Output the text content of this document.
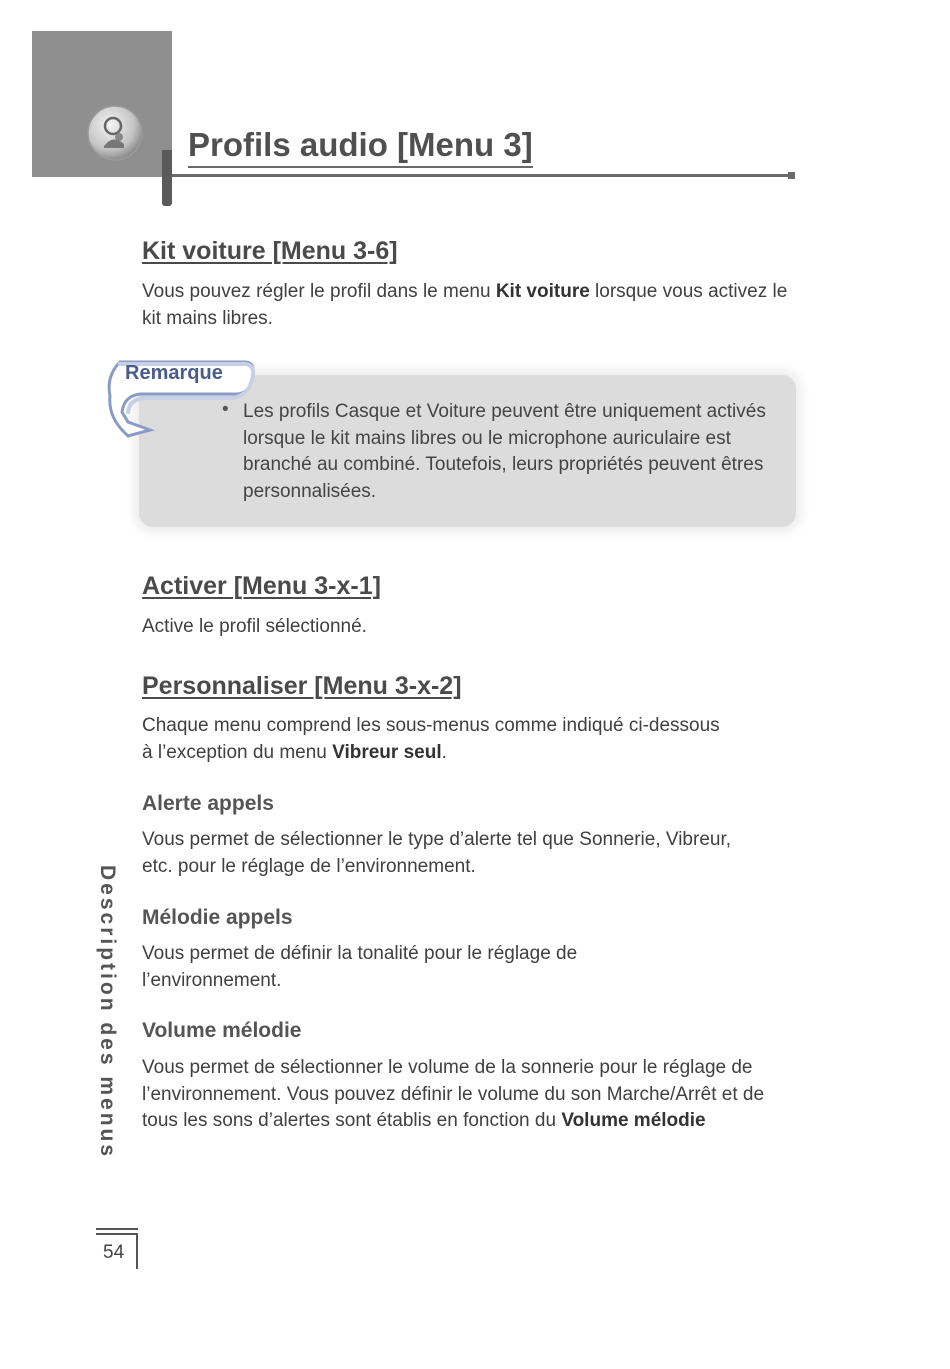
Profils audio [Menu 3]
Kit voiture [Menu 3-6]
Vous pouvez régler le profil dans le menu Kit voiture lorsque vous activez le kit mains libres.
Remarque
• Les profils Casque et Voiture peuvent être uniquement activés lorsque le kit mains libres ou le microphone auriculaire est branché au combiné. Toutefois, leurs propriétés peuvent êtres personnalisées.
Activer [Menu 3-x-1]
Active le profil sélectionné.
Personnaliser [Menu 3-x-2]
Chaque menu comprend les sous-menus comme indiqué ci-dessous à l’exception du menu Vibreur seul.
Alerte appels
Vous permet de sélectionner le type d’alerte tel que Sonnerie, Vibreur, etc. pour le réglage de l’environnement.
Mélodie appels
Vous permet de définir la tonalité pour le réglage de l’environnement.
Volume mélodie
Vous permet de sélectionner le volume de la sonnerie pour le réglage de l’environnement. Vous pouvez définir le volume du son Marche/Arrêt et de tous les sons d’alertes sont établis en fonction du Volume mélodie
Description des menus
54
